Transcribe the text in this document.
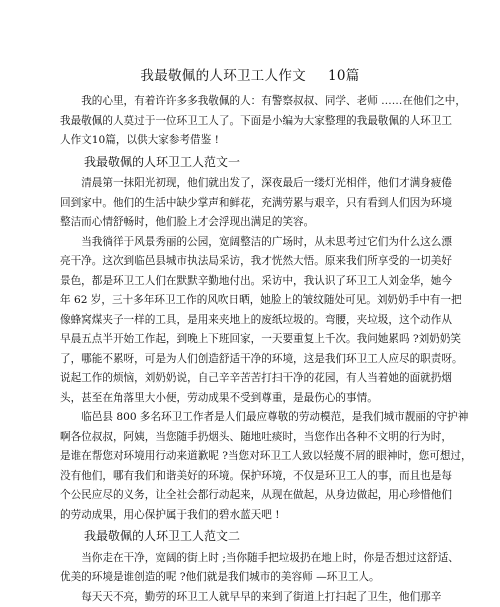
我最敬佩的人环卫工人作文 10篇

我的心里，有着许许多多我敬佩的人：有警察叔叔、同学、老师 ……在他们之中，

我最敬佩的人莫过于一位环卫工人了。下面是小编为大家整理的我最敬佩的人环卫工
人作文10篇，以供大家参考借鉴 !

我最敬佩的人环卫工人范文一

清晨第一抹阳光初现，他们就出发了，深夜最后一缕灯光相伴，他们才满身疲倦

回到家中。他们的生活中缺少掌声和鲜花，充满劳累与艰辛，只有看到人们因为环境
整洁而心情舒畅时，他们脸上才会浮现出满足的笑容。

当我徜徉于风景秀丽的公园，宽阔整洁的广场时，从未思考过它们为什么这么漂

亮干净。这次到临邑县城市执法局采访，我才恍然大悟。原来我们所享受的一切美好
景色，都是环卫工人们在默默辛勤地付出。采访中，我认识了环卫工人刘金华，她今
年 62 岁，三十多年环卫工作的风吹日晒，她脸上的皱纹随处可见。刘奶奶手中有一把
像蜂窝煤夹子一样的工具，是用来夹地上的废纸垃圾的。弯腰，夹垃圾，这个动作从
早晨五点半开始工作起，到晚上下班回家，一天要重复上千次。我问她累吗 ?刘奶奶笑
了，哪能不累呀，可是为人们创造舒适干净的环境，这是我们环卫工人应尽的职责呀。
说起工作的烦恼，刘奶奶说，自己辛辛苦苦打扫干净的花园，有人当着她的面就扔烟
头，甚至在角落里大小便，劳动成果不受到尊重，是最伤心的事情。

临邑县 800 多名环卫工作者是人们最应尊敬的劳动模范，是我们城市靓丽的守护神

啊各位叔叔，阿姨，当您随手扔烟头、随地吐痰时，当您作出各种不文明的行为时，
是谁在帮您对环境用行动来道歉呢 ?当您对环卫工人致以轻蔑不屑的眼神时，您可想过，
没有他们，哪有我们和谐美好的环境。保护环境，不仅是环卫工人的事，而且也是每
个公民应尽的义务，让全社会都行动起来，从现在做起，从身边做起，用心珍惜他们
的劳动成果，用心保护属于我们的碧水蓝天吧 !

我最敬佩的人环卫工人范文二

当你走在干净，宽阔的街上时 ;当你随手把垃圾扔在地上时，你是否想过这舒适、

优美的环境是谁创造的呢 ?他们就是我们城市的美容师 —环卫工人。

每天天不亮，勤劳的环卫工人就早早的来到了街道上打扫起了卫生，他们那辛
